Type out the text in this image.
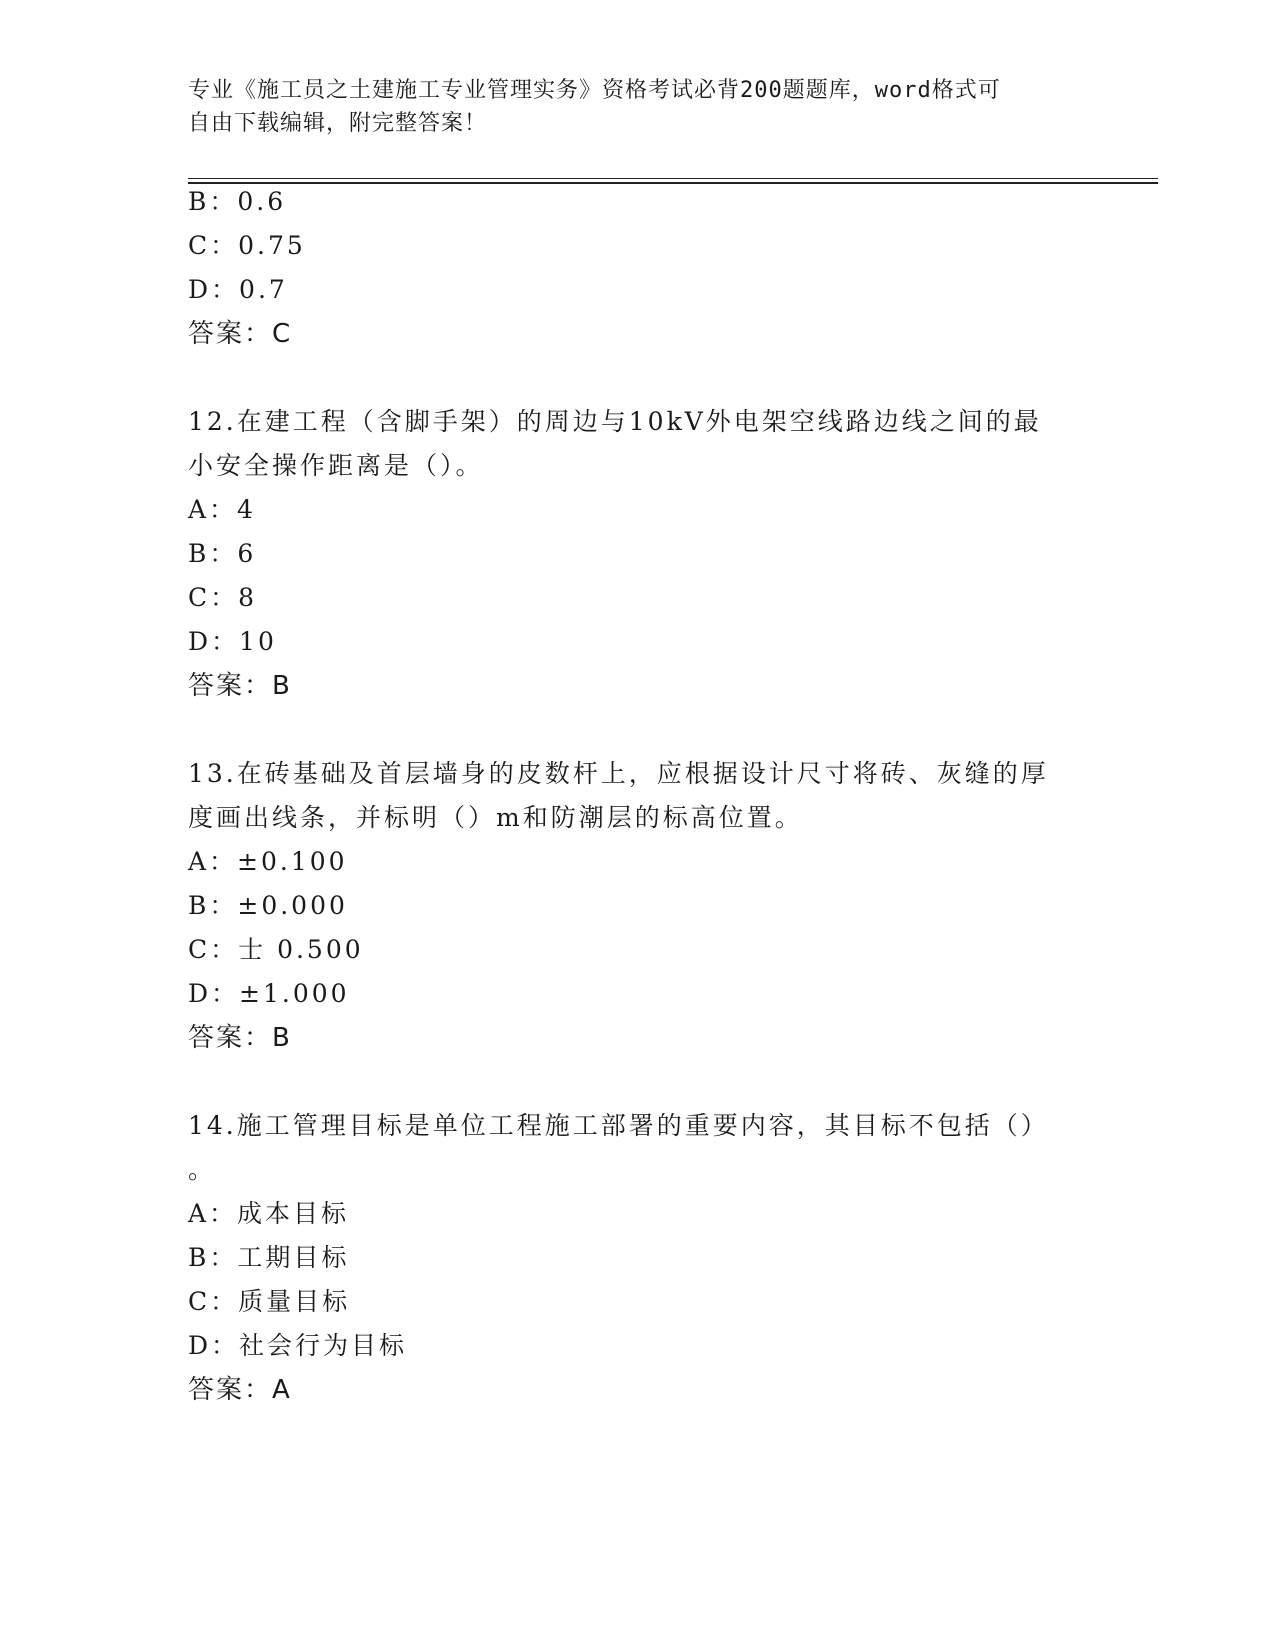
专业《施工员之土建施工专业管理实务》资格考试必背200题题库，word格式可
自由下载编辑，附完整答案！
B：0.6
C：0.75
D：0.7
答案：C
12.在建工程（含脚手架）的周边与10kV外电架空线路边线之间的最
小安全操作距离是（）。
A：4
B：6
C：8
D：10
答案：B
13.在砖基础及首层墙身的皮数杆上，应根据设计尺寸将砖、灰缝的厚
度画出线条，并标明（）m和防潮层的标高位置。
A：±0.100
B：±0.000
C：士 0.500
D：±1.000
答案：B
14.施工管理目标是单位工程施工部署的重要内容，其目标不包括（）
。
A：成本目标
B：工期目标
C：质量目标
D：社会行为目标
答案：A
